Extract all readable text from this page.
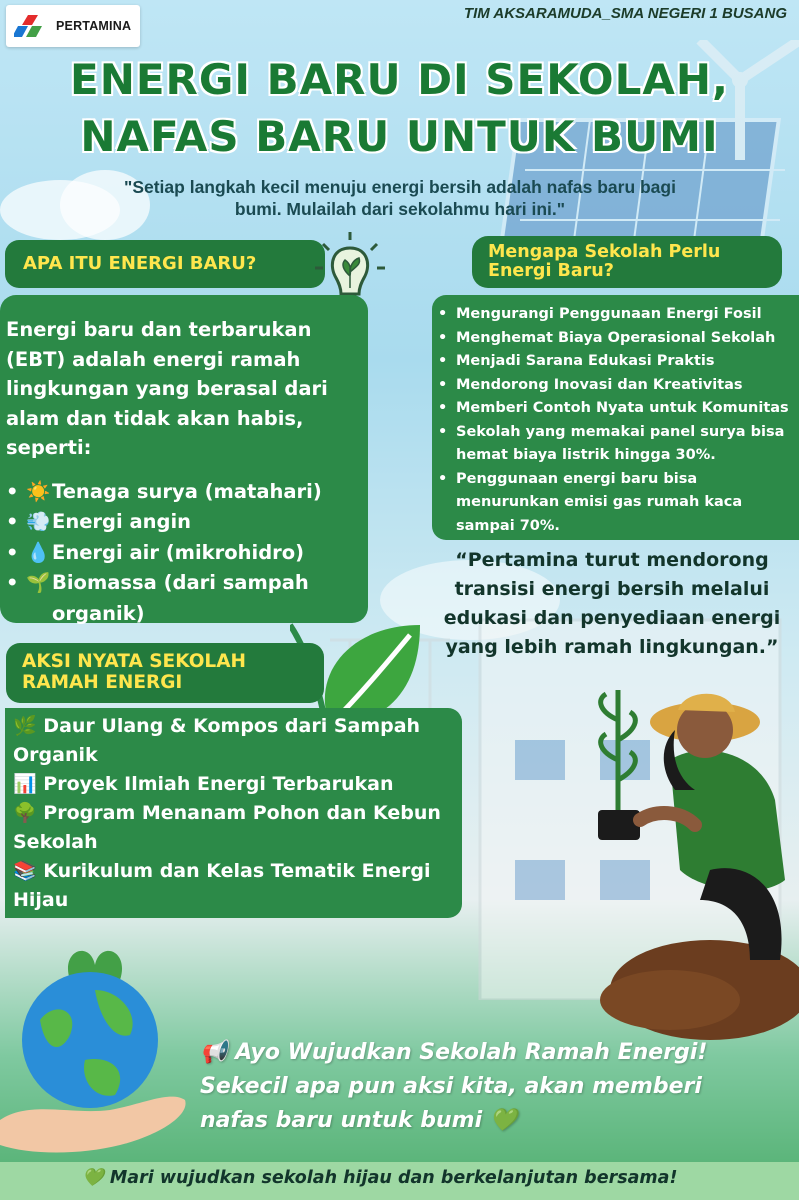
PERTAMINA
TIM AKSARAMUDA_SMA NEGERI 1 BUSANG
ENERGI BARU DI SEKOLAH,
NAFAS BARU UNTUK BUMI
"Setiap langkah kecil menuju energi bersih adalah nafas baru bagi bumi. Mulailah dari sekolahmu hari ini."
APA ITU ENERGI BARU?

Energi baru dan terbarukan (EBT) adalah energi ramah lingkungan yang berasal dari alam dan tidak akan habis, seperti:

• ☀️ Tenaga surya (matahari)
• 💨 Energi angin
• 💧 Energi air (mikrohidro)
• 🌱 Biomassa (dari sampah organik)
Mengapa Sekolah Perlu Energi Baru?
• Mengurangi Penggunaan Energi Fosil
• Menghemat Biaya Operasional Sekolah
• Menjadi Sarana Edukasi Praktis
• Mendorong Inovasi dan Kreativitas
• Memberi Contoh Nyata untuk Komunitas
• Sekolah yang memakai panel surya bisa hemat biaya listrik hingga 30%.
• Penggunaan energi baru bisa menurunkan emisi gas rumah kaca sampai 70%.
“Pertamina turut mendorong transisi energi bersih melalui edukasi dan penyediaan energi yang lebih ramah lingkungan.”
AKSI NYATA SEKOLAH
RAMAH ENERGI
🌿 Daur Ulang & Kompos dari Sampah Organik
📊 Proyek Ilmiah Energi Terbarukan
🌳 Program Menanam Pohon dan Kebun Sekolah
📚 Kurikulum dan Kelas Tematik Energi Hijau
📢 Ayo Wujudkan Sekolah Ramah Energi!
Sekecil apa pun aksi kita, akan memberi
nafas baru untuk bumi 💚
💚 Mari wujudkan sekolah hijau dan berkelanjutan bersama!
